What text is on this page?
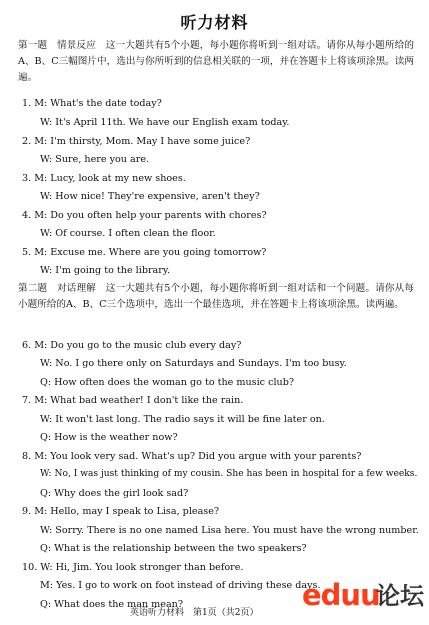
听力材料
第一题　情景反应　这一大题共有5个小题，每小题你将听到一组对话。请你从每小题所给的A、B、C三幅图片中，选出与你所听到的信息相关联的一项，并在答题卡上将该项涂黑。读两遍。
1. M: What's the date today?
W: It's April 11th. We have our English exam today.
2. M: I'm thirsty, Mom. May I have some juice?
W: Sure, here you are.
3. M: Lucy, look at my new shoes.
W: How nice! They're expensive, aren't they?
4. M: Do you often help your parents with chores?
W: Of course. I often clean the floor.
5. M: Excuse me. Where are you going tomorrow?
W: I'm going to the library.
第二题　对话理解　这一大题共有5个小题，每小题你将听到一组对话和一个问题。请你从每小题所给的A、B、C三个选项中，选出一个最佳选项，并在答题卡上将该项涂黑。读两遍。
6. M: Do you go to the music club every day?
W: No. I go there only on Saturdays and Sundays. I'm too busy.
Q: How often does the woman go to the music club?
7. M: What bad weather! I don't like the rain.
W: It won't last long. The radio says it will be fine later on.
Q: How is the weather now?
8. M: You look very sad. What's up? Did you argue with your parents?
W: No, I was just thinking of my cousin. She has been in hospital for a few weeks.
Q: Why does the girl look sad?
9. M: Hello, may I speak to Lisa, please?
W: Sorry. There is no one named Lisa here. You must have the wrong number.
Q: What is the relationship between the two speakers?
10. W: Hi, Jim. You look stronger than before.
M: Yes. I go to work on foot instead of driving these days.
Q: What does the man mean?
英语听力材料　第1页（共2页）
eduu
论坛
